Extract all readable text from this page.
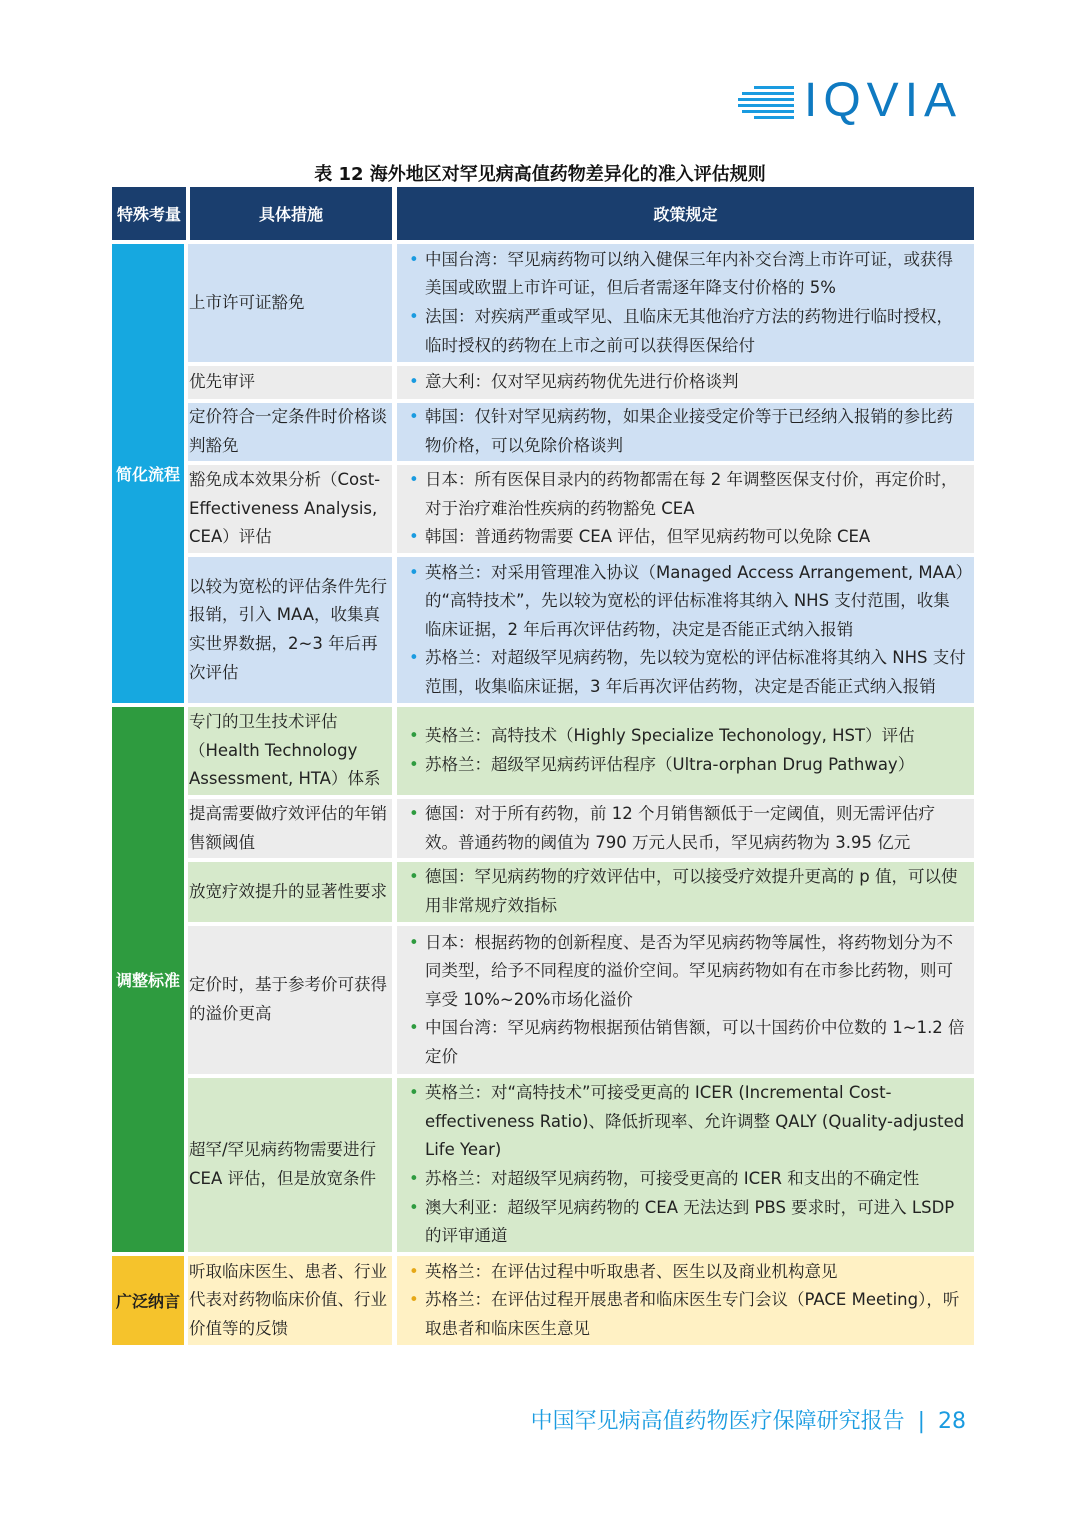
IQVIA
表 12 海外地区对罕见病高值药物差异化的准入评估规则
特殊考量	具体措施	政策规定
简化流程
调整标准
广泛纳言
上市许可证豁免
• 中国台湾：罕见病药物可以纳入健保三年内补交台湾上市许可证，或获得美国或欧盟上市许可证，但后者需逐年降支付价格的 5%
• 法国：对疾病严重或罕见、且临床无其他治疗方法的药物进行临时授权，临时授权的药物在上市之前可以获得医保给付
优先审评
•	意大利：仅对罕见病药物优先进行价格谈判
定价符合一定条件时价格谈判豁免
• 韩国：仅针对罕见病药物，如果企业接受定价等于已经纳入报销的参比药物价格，可以免除价格谈判
豁免成本效果分析（Cost-Effectiveness Analysis, CEA）评估
• 日本：所有医保目录内的药物都需在每 2 年调整医保支付价，再定价时，对于治疗难治性疾病的药物豁免 CEA
• 韩国：普通药物需要 CEA 评估，但罕见病药物可以免除 CEA
以较为宽松的评估条件先行报销，引入 MAA，收集真实世界数据，2~3 年后再次评估
• 英格兰：对采用管理准入协议（Managed Access Arrangement, MAA）的“高特技术”，先以较为宽松的评估标准将其纳入 NHS 支付范围，收集临床证据，2 年后再次评估药物，决定是否能正式纳入报销
• 苏格兰：对超级罕见病药物，先以较为宽松的评估标准将其纳入 NHS 支付范围，收集临床证据，3 年后再次评估药物，决定是否能正式纳入报销
专门的卫生技术评估（Health Technology Assessment, HTA）体系
• 英格兰：高特技术（Highly Specialize Techonology, HST）评估
• 苏格兰：超级罕见病药评估程序（Ultra-orphan Drug Pathway）
提高需要做疗效评估的年销售额阈值
• 德国：对于所有药物，前 12 个月销售额低于一定阈值，则无需评估疗效。普通药物的阈值为 790 万元人民币，罕见病药物为 3.95 亿元
放宽疗效提升的显著性要求
• 德国：罕见病药物的疗效评估中，可以接受疗效提升更高的 p 值，可以使用非常规疗效指标
定价时，基于参考价可获得的溢价更高
• 日本：根据药物的创新程度、是否为罕见病药物等属性，将药物划分为不同类型，给予不同程度的溢价空间。罕见病药物如有在市参比药物，则可享受 10%~20%市场化溢价
• 中国台湾：罕见病药物根据预估销售额，可以十国药价中位数的 1~1.2 倍定价
超罕/罕见病药物需要进行 CEA 评估，但是放宽条件
• 英格兰：对“高特技术”可接受更高的 ICER (Incremental Cost-effectiveness Ratio)、降低折现率、允许调整 QALY (Quality-adjusted Life Year)
• 苏格兰：对超级罕见病药物，可接受更高的 ICER 和支出的不确定性
• 澳大利亚：超级罕见病药物的 CEA 无法达到 PBS 要求时，可进入 LSDP 的评审通道
听取临床医生、患者、行业代表对药物临床价值、行业价值等的反馈
• 英格兰：在评估过程中听取患者、医生以及商业机构意见
• 苏格兰：在评估过程开展患者和临床医生专门会议（PACE Meeting），听取患者和临床医生意见
中国罕见病高值药物医疗保障研究报告 | 28
